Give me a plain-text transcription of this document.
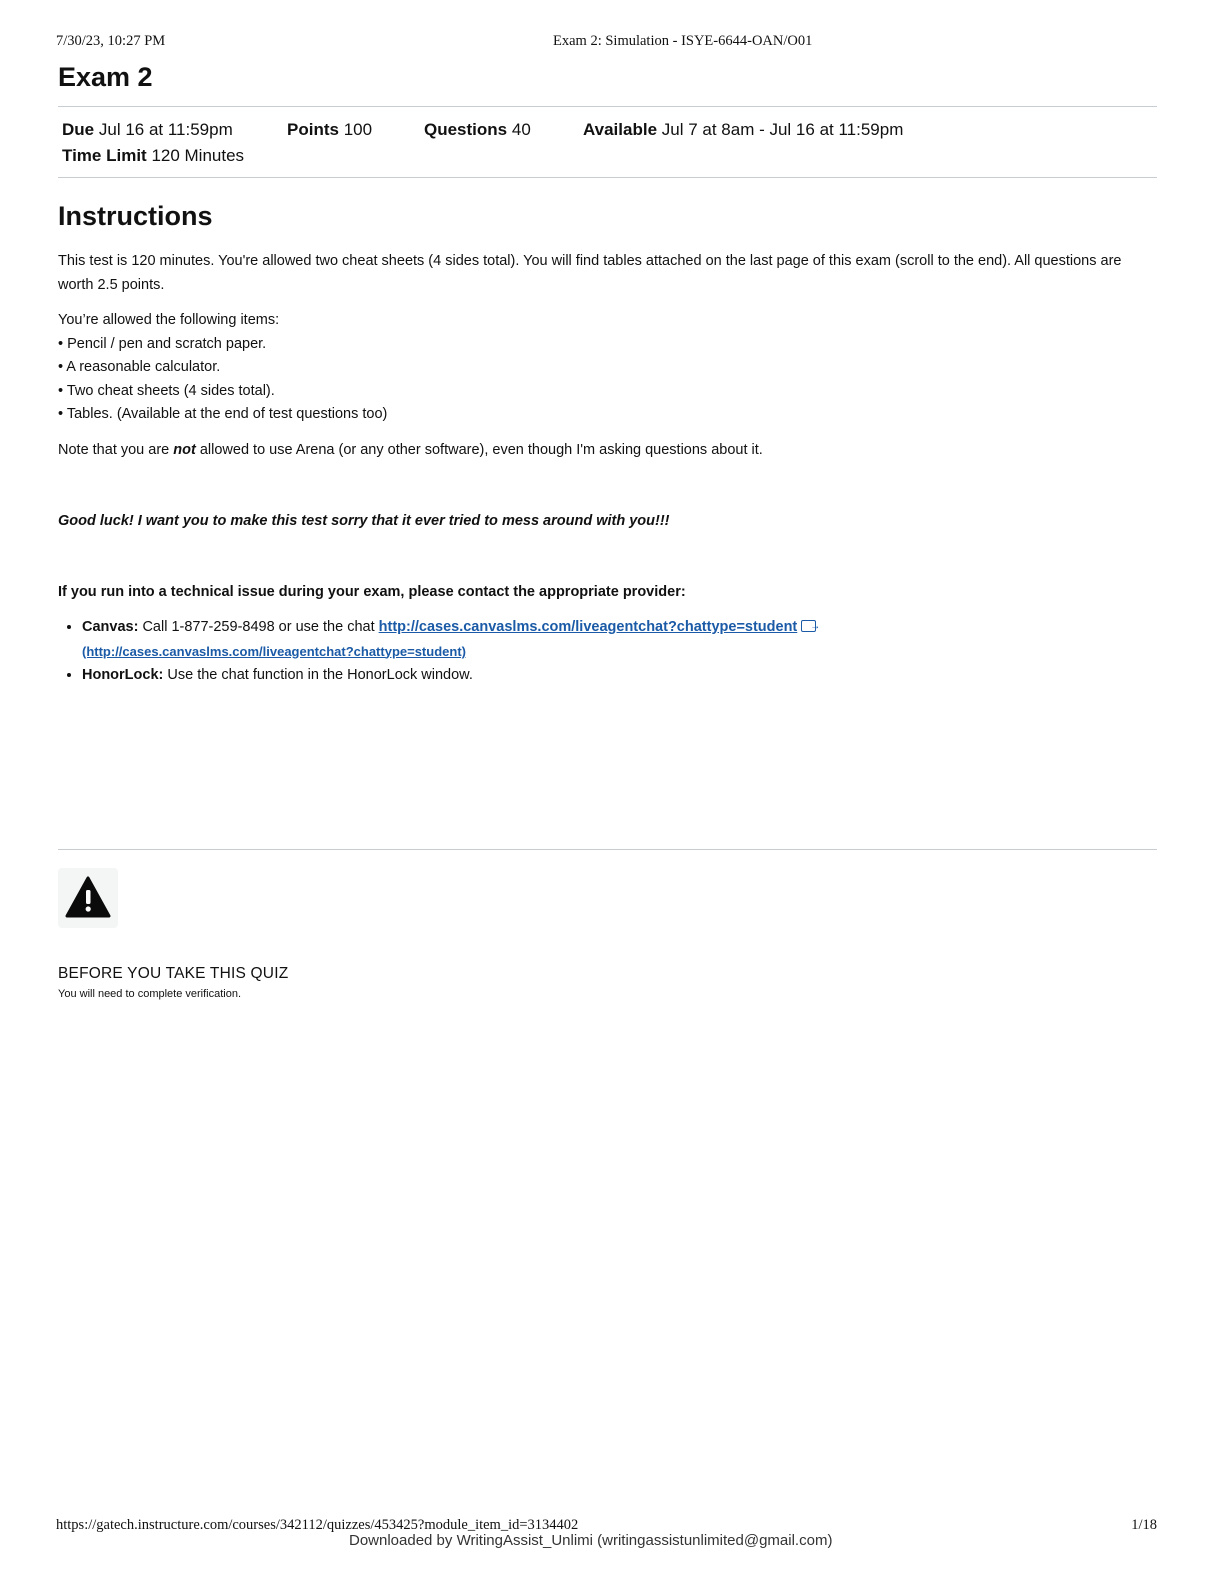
7/30/23, 10:27 PM	Exam 2: Simulation - ISYE-6644-OAN/O01
Exam 2
Due Jul 16 at 11:59pm	Points 100	Questions 40	Available Jul 7 at 8am - Jul 16 at 11:59pm
Time Limit 120 Minutes
Instructions

This test is 120 minutes. You're allowed two cheat sheets (4 sides total). You will find tables attached on the last page of this exam (scroll to the end). All questions are worth 2.5 points.

You’re allowed the following items:
• Pencil / pen and scratch paper.
• A reasonable calculator.
• Two cheat sheets (4 sides total).
• Tables. (Available at the end of test questions too)
Note that you are not allowed to use Arena (or any other software), even though I'm asking questions about it.
Good luck! I want you to make this test sorry that it ever tried to mess around with you!!!
If you run into a technical issue during your exam, please contact the appropriate provider:
• Canvas: Call 1-877-259-8498 or use the chat http://cases.canvaslms.com/liveagentchat?chattype=student→
(http://cases.canvaslms.com/liveagentchat?chattype=student)
• HonorLock: Use the chat function in the HonorLock window.
BEFORE YOU TAKE THIS QUIZ
You will need to complete verification.
https://gatech.instructure.com/courses/342112/quizzes/453425?module_item_id=3134402	1/18
Downloaded by WritingAssist_Unlimi (writingassistunlimited@gmail.com)
